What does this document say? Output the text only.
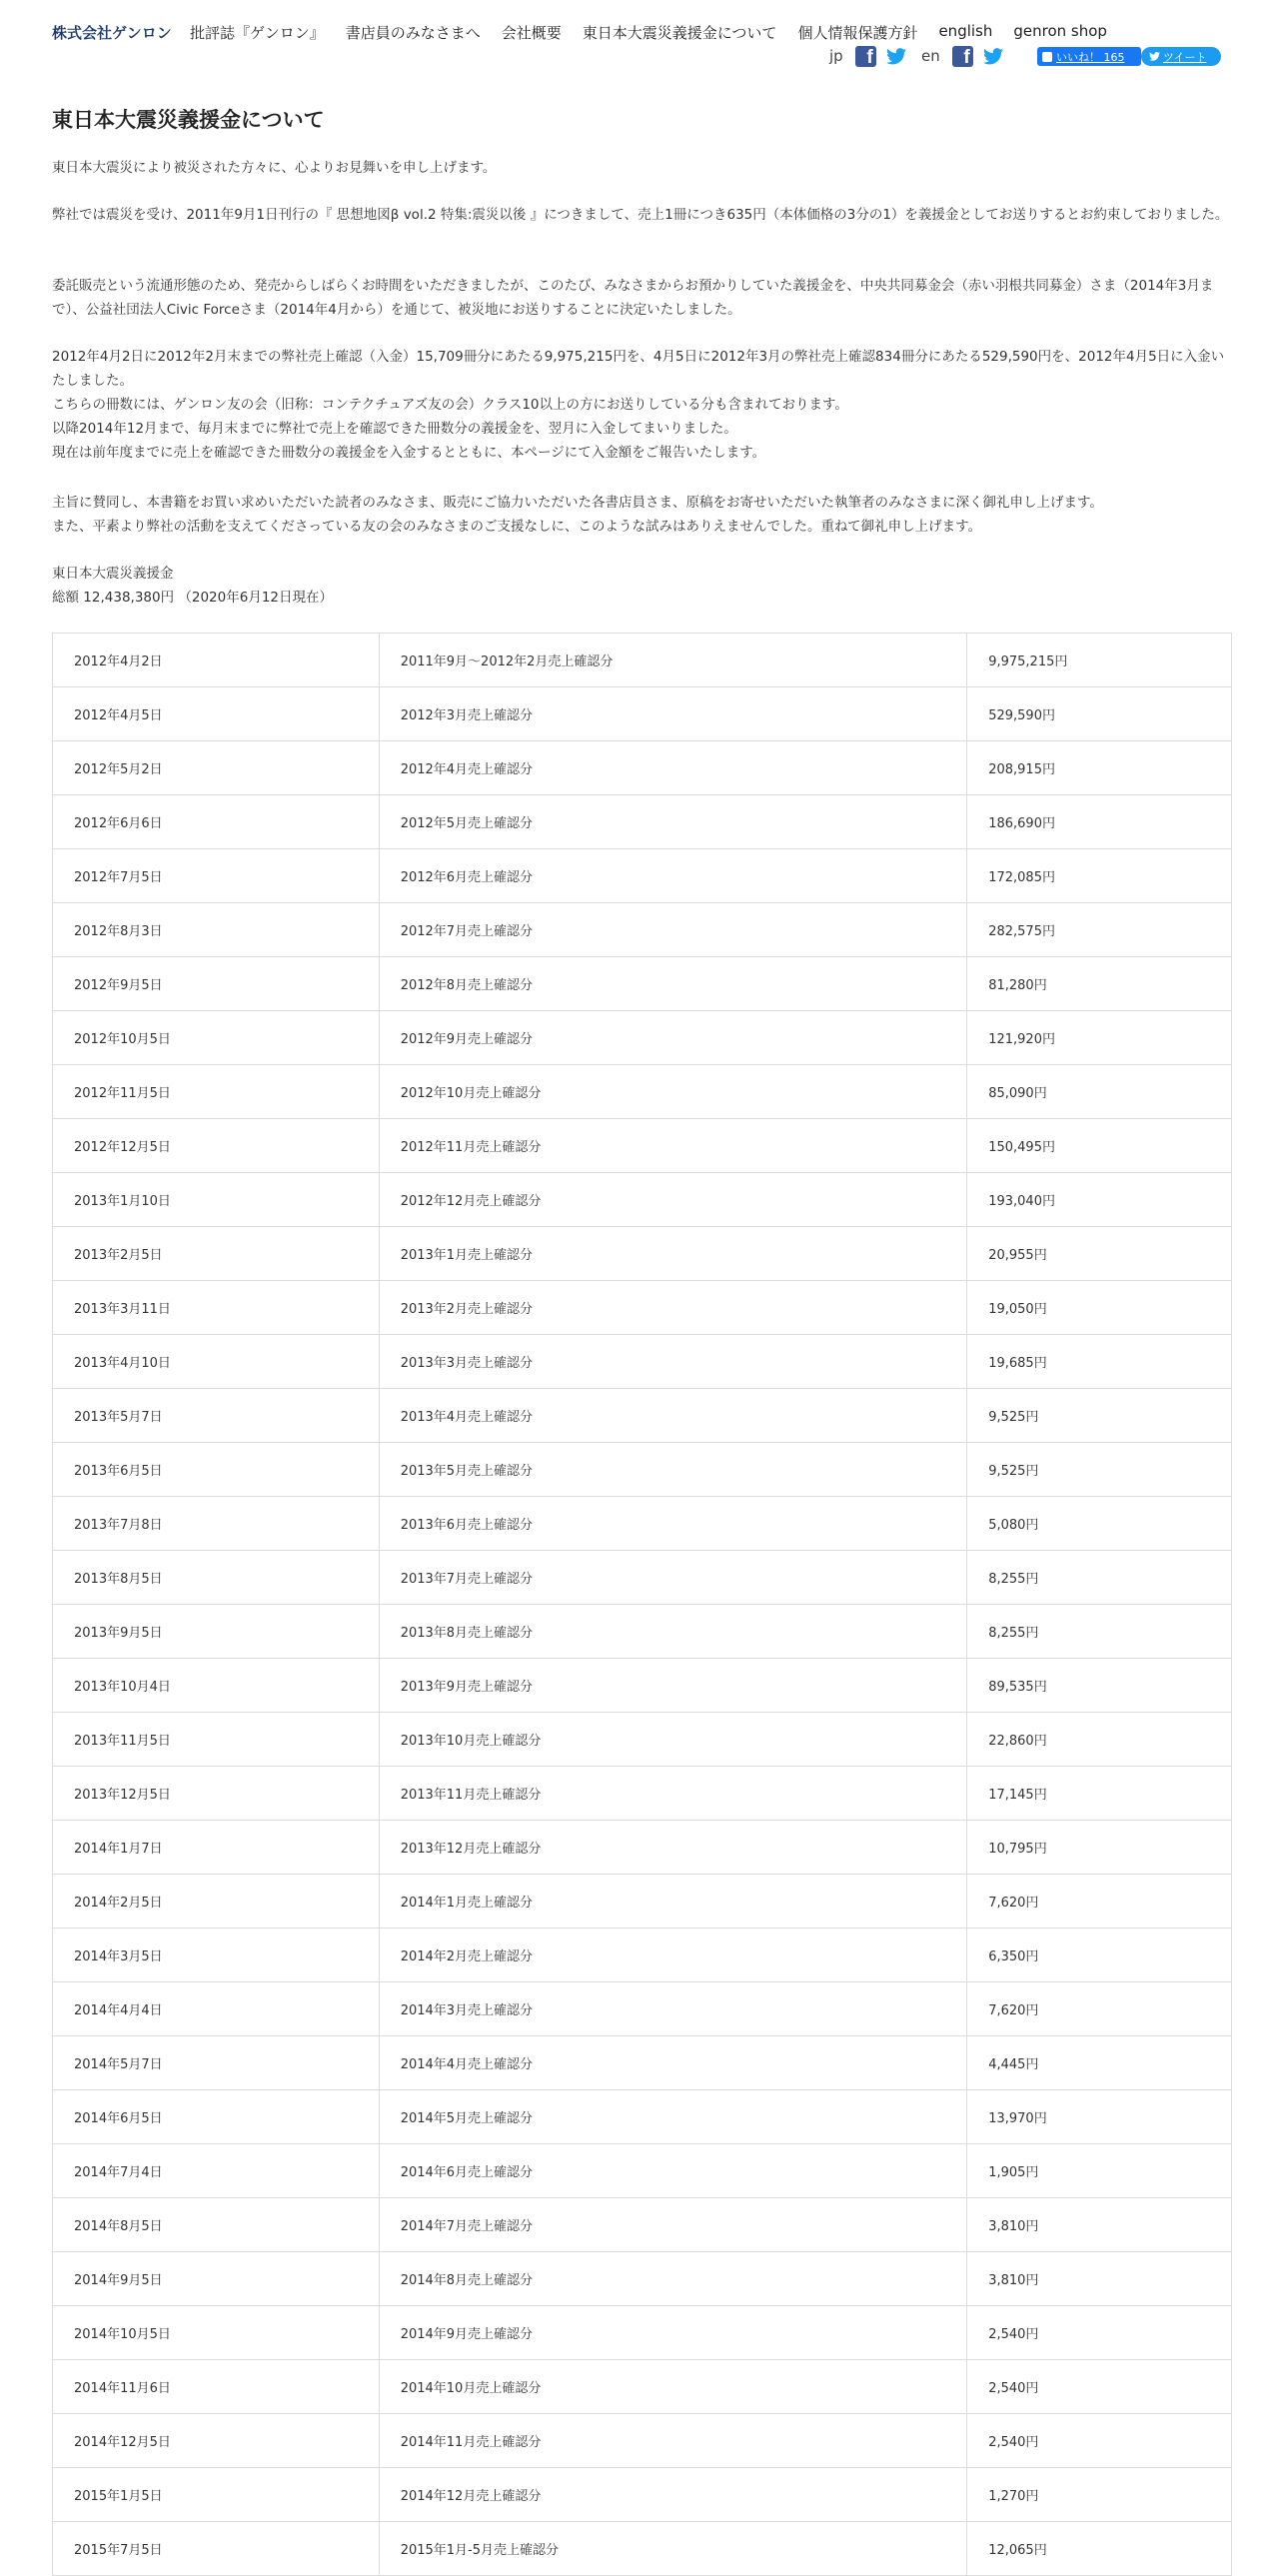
株式会社ゲンロン 批評誌『ゲンロン』 書店員のみなさまへ 会社概要 東日本大震災義援金について 個人情報保護方針 english genron shop
jp	f	en	f	いいね！ 165	ツイート
東日本大震災義援金について
東日本大震災により被災された方々に、心よりお見舞いを申し上げます。
弊社では震災を受け、2011年9月1日刊行の『 思想地図β vol.2 特集:震災以後 』につきまして、売上1冊につき635円（本体価格の3分の1）を義援金としてお送りするとお約束しておりました。
委託販売という流通形態のため、発売からしばらくお時間をいただきましたが、このたび、みなさまからお預かりしていた義援金を、中央共同募金会（赤い羽根共同募金）さま（2014年3月まで）、公益社団法人Civic Forceさま（2014年4月から）を通じて、被災地にお送りすることに決定いたしました。
2012年4月2日に2012年2月末までの弊社売上確認（入金）15,709冊分にあたる9,975,215円を、4月5日に2012年3月の弊社売上確認834冊分にあたる529,590円を、2012年4月5日に入金いたしました。
こちらの冊数には、ゲンロン友の会（旧称：コンテクチュアズ友の会）クラス10以上の方にお送りしている分も含まれております。
以降2014年12月まで、毎月末までに弊社で売上を確認できた冊数分の義援金を、翌月に入金してまいりました。
現在は前年度までに売上を確認できた冊数分の義援金を入金するとともに、本ページにて入金額をご報告いたします。
主旨に賛同し、本書籍をお買い求めいただいた読者のみなさま、販売にご協力いただいた各書店員さま、原稿をお寄せいただいた執筆者のみなさまに深く御礼申し上げます。
また、平素より弊社の活動を支えてくださっている友の会のみなさまのご支援なしに、このような試みはありえませんでした。重ねて御礼申し上げます。
東日本大震災義援金
総額 12,438,380円 （2020年6月12日現在）
2012年4月2日	2011年9月～2012年2月売上確認分	9,975,215円
2012年4月5日	2012年3月売上確認分	529,590円
2012年5月2日	2012年4月売上確認分	208,915円
2012年6月6日	2012年5月売上確認分	186,690円
2012年7月5日	2012年6月売上確認分	172,085円
2012年8月3日	2012年7月売上確認分	282,575円
2012年9月5日	2012年8月売上確認分	81,280円
2012年10月5日	2012年9月売上確認分	121,920円
2012年11月5日	2012年10月売上確認分	85,090円
2012年12月5日	2012年11月売上確認分	150,495円
2013年1月10日	2012年12月売上確認分	193,040円
2013年2月5日	2013年1月売上確認分	20,955円
2013年3月11日	2013年2月売上確認分	19,050円
2013年4月10日	2013年3月売上確認分	19,685円
2013年5月7日	2013年4月売上確認分	9,525円
2013年6月5日	2013年5月売上確認分	9,525円
2013年7月8日	2013年6月売上確認分	5,080円
2013年8月5日	2013年7月売上確認分	8,255円
2013年9月5日	2013年8月売上確認分	8,255円
2013年10月4日	2013年9月売上確認分	89,535円
2013年11月5日	2013年10月売上確認分	22,860円
2013年12月5日	2013年11月売上確認分	17,145円
2014年1月7日	2013年12月売上確認分	10,795円
2014年2月5日	2014年1月売上確認分	7,620円
2014年3月5日	2014年2月売上確認分	6,350円
2014年4月4日	2014年3月売上確認分	7,620円
2014年5月7日	2014年4月売上確認分	4,445円
2014年6月5日	2014年5月売上確認分	13,970円
2014年7月4日	2014年6月売上確認分	1,905円
2014年8月5日	2014年7月売上確認分	3,810円
2014年9月5日	2014年8月売上確認分	3,810円
2014年10月5日	2014年9月売上確認分	2,540円
2014年11月6日	2014年10月売上確認分	2,540円
2014年12月5日	2014年11月売上確認分	2,540円
2015年1月5日	2014年12月売上確認分	1,270円
2015年7月5日	2015年1月-5月売上確認分	12,065円
